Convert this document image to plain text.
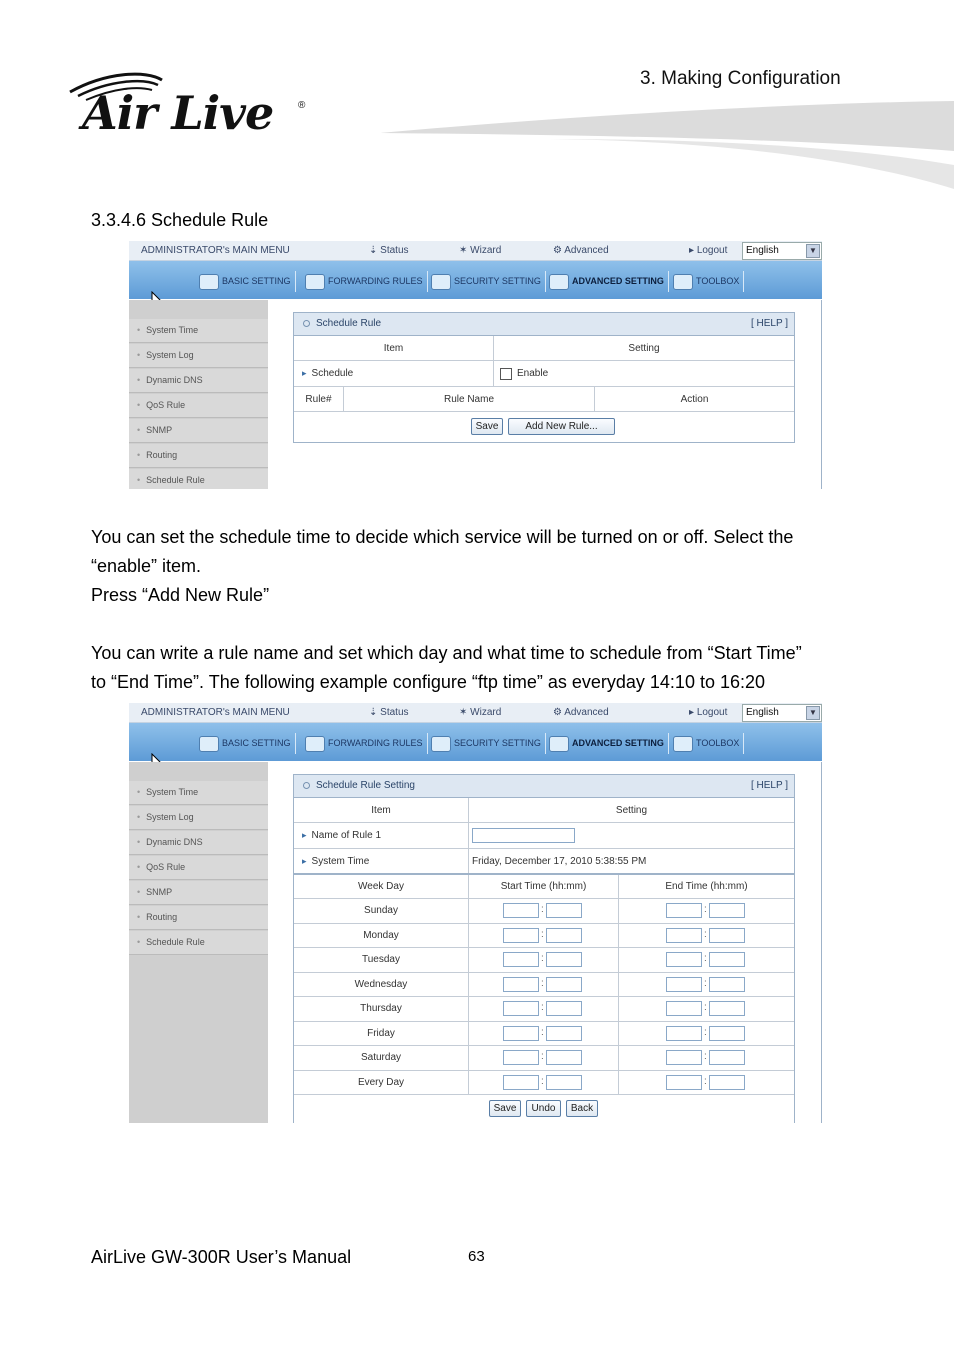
Air Live ®
3. Making Configuration
3.3.4.6 Schedule Rule
ADMINISTRATOR's MAIN MENU	⇣ Status	✶ Wizard	⚙ Advanced	▸ Logout English	▼
BASIC SETTING	FORWARDING RULES	SECURITY SETTING	ADVANCED SETTING	TOOLBOX
• System Time
• System Log
• Dynamic DNS
• QoS Rule
• SNMP
• Routing
• Schedule Rule
Schedule Rule	[ HELP ]
Item	Setting
▸ Schedule	Enable
Rule#	Rule Name	Action
Save	Add New Rule...
You can set the schedule time to decide which service will be turned on or off. Select the
“enable” item.
Press “Add New Rule”
You can write a rule name and set which day and what time to schedule from “Start Time”
to “End Time”. The following example configure “ftp time” as everyday 14:10 to 16:20
ADMINISTRATOR's MAIN MENU	⇣ Status	✶ Wizard	⚙ Advanced	▸ Logout English	▼
BASIC SETTING	FORWARDING RULES	SECURITY SETTING	ADVANCED SETTING	TOOLBOX
• System Time
• System Log
• Dynamic DNS
• QoS Rule
• SNMP
• Routing
• Schedule Rule
Schedule Rule Setting	[ HELP ]
Item	Setting
▸ Name of Rule 1
▸ System Time	Friday, December 17, 2010 5:38:55 PM
Week Day	Start Time (hh:mm)	End Time (hh:mm)
Sunday	:	:
Monday	:	:
Tuesday	:	:
Wednesday	:	:
Thursday	:	:
Friday	:	:
Saturday	:	:
Every Day	:	:
Save	Undo	Back
AirLive GW-300R User’s Manual	63
